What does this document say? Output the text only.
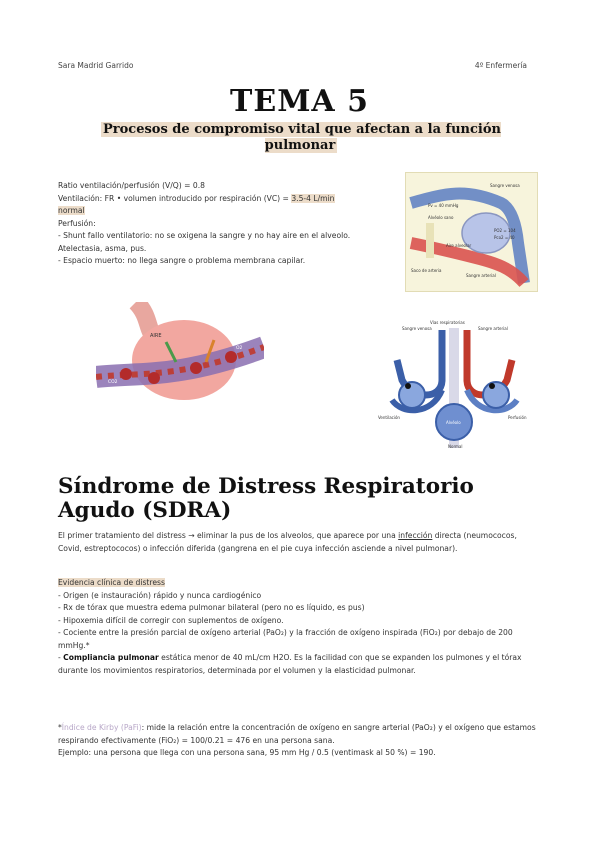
Sara Madrid Garrido	4º Enfermería
TEMA 5
Procesos de compromiso vital que afectan a la función pulmonar
Ratio ventilación/perfusión (V/Q) = 0.8
Ventilación: FR • volumen introducido por respiración (VC) = 3.5-4 L/min normal
Perfusión:
- Shunt fallo ventilatorio: no se oxigena la sangre y no hay aire en el alveolo. Atelectasia, asma, pus.
- Espacio muerto: no llega sangre o problema membrana capilar.
Sangre venosa
Pv = 40 mmHg
Alvéolo sano
PO2 = 104
Pco2 = 40
Aire alveolar
Saco de arteria
Sangre arterial
AIRE
CO2
O2
Vías respiratorias
Sangre venosa	Sangre arterial
Ventilación
Alvéolo
Perfusión
Normal
Síndrome de Distress Respiratorio Agudo (SDRA)
El primer tratamiento del distress → eliminar la pus de los alveolos, que aparece por una infección directa (neumococos, Covid, estreptococos) o infección diferida (gangrena en el pie cuya infección asciende a nivel pulmonar).
Evidencia clínica de distress
- Origen (e instauración) rápido y nunca cardiogénico
- Rx de tórax que muestra edema pulmonar bilateral (pero no es líquido, es pus)
- Hipoxemia difícil de corregir con suplementos de oxígeno.
- Cociente entre la presión parcial de oxígeno arterial (PaO₂) y la fracción de oxígeno inspirada (FiO₂) por debajo de 200 mmHg.*
- Compliancia pulmonar estática menor de 40 mL/cm H2O. Es la facilidad con que se expanden los pulmones y el tórax durante los movimientos respiratorios, determinada por el volumen y la elasticidad pulmonar.
*Índice de Kirby (PaFi): mide la relación entre la concentración de oxígeno en sangre arterial (PaO₂) y el oxígeno que estamos respirando efectivamente (FiO₂) = 100/0.21 = 476 en una persona sana.
Ejemplo: una persona que llega con una persona sana, 95 mm Hg / 0.5 (ventimask al 50 %) = 190.
